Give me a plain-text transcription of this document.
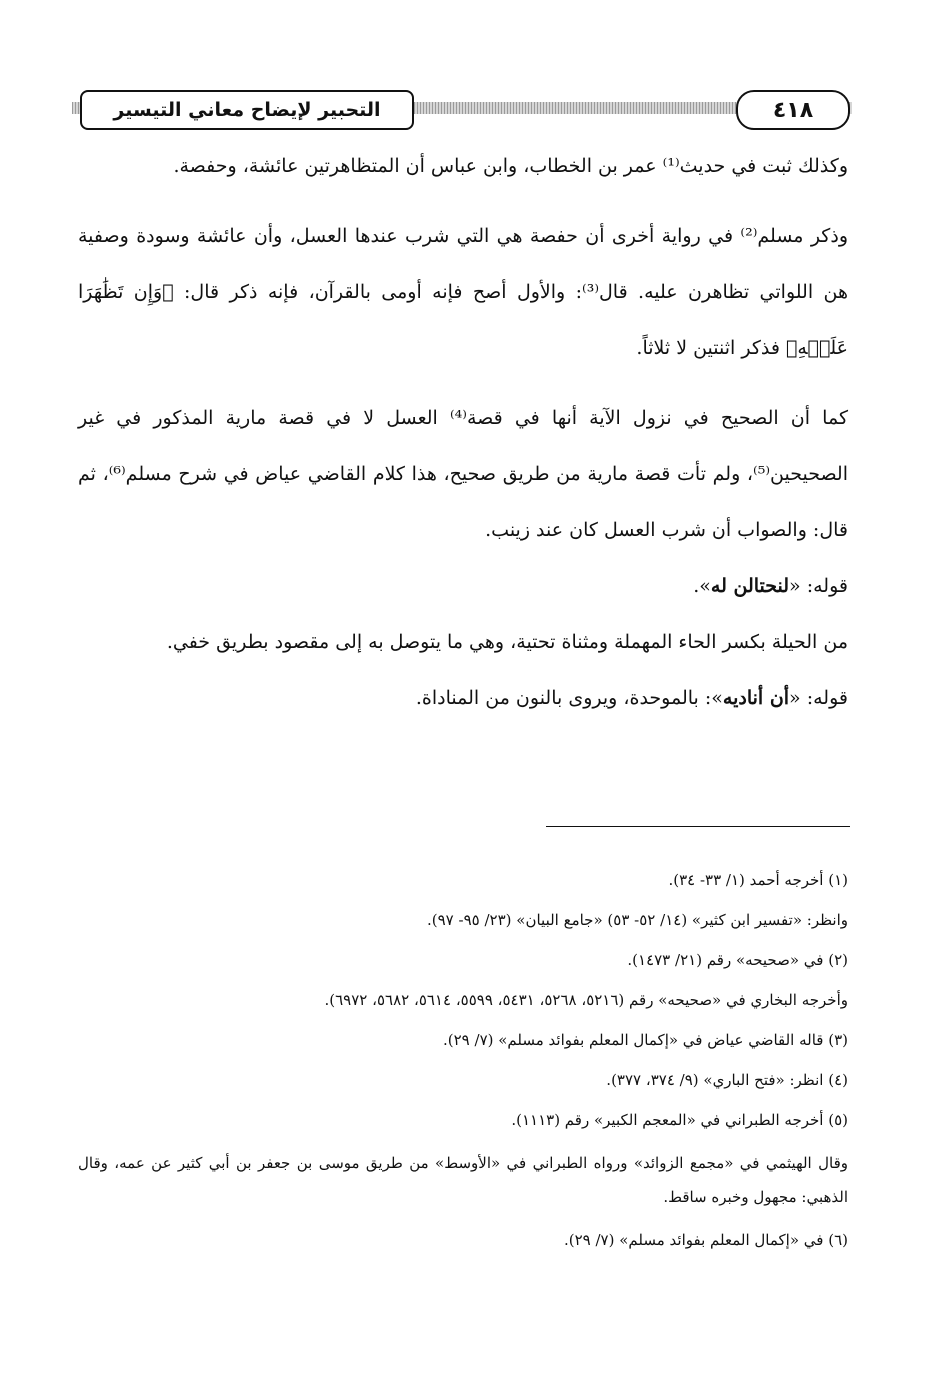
التحبير لإيضاح معاني التيسير	٤١٨

وكذلك ثبت في حديث⁽¹⁾ عمر بن الخطاب، وابن عباس أن المتظاهرتين عائشة، وحفصة.

وذكر مسلم⁽²⁾ في رواية أخرى أن حفصة هي التي شرب عندها العسل، وأن عائشة وسودة وصفية هن اللواتي تظاهرن عليه. قال⁽³⁾: والأول أصح فإنه أومى بالقرآن، فإنه ذكر قال: ﴿وَإِن تَظَٰهَرَا عَلَيۡهِ﴾ فذكر اثنتين لا ثلاثاً.

كما أن الصحيح في نزول الآية أنها في قصة⁽⁴⁾ العسل لا في قصة مارية المذكور في غير الصحيحين⁽⁵⁾، ولم تأت قصة مارية من طريق صحيح، هذا كلام القاضي عياض في شرح مسلم⁽⁶⁾، ثم قال: والصواب أن شرب العسل كان عند زينب.

قوله: «لنحتالن له».

من الحيلة بكسر الحاء المهملة ومثناة تحتية، وهي ما يتوصل به إلى مقصود بطريق خفي.

قوله: «أن أناديه»: بالموحدة، ويروى بالنون من المناداة.

(١) أخرجه أحمد (١/ ٣٣- ٣٤).

وانظر: «تفسير ابن كثير» (١٤/ ٥٢- ٥٣) «جامع البيان» (٢٣/ ٩٥- ٩٧).

(٢) في «صحيحه» رقم (٢١/ ١٤٧٣).

وأخرجه البخاري في «صحيحه» رقم (٥٢١٦، ٥٢٦٨، ٥٤٣١، ٥٥٩٩، ٥٦١٤، ٥٦٨٢، ٦٩٧٢).

(٣) قاله القاضي عياض في «إكمال المعلم بفوائد مسلم» (٧/ ٢٩).

(٤) انظر: «فتح الباري» (٩/ ٣٧٤، ٣٧٧).

(٥) أخرجه الطبراني في «المعجم الكبير» رقم (١١١٣).

وقال الهيثمي في «مجمع الزوائد» ورواه الطبراني في «الأوسط» من طريق موسى بن جعفر بن أبي كثير عن عمه، وقال الذهبي: مجهول وخبره ساقط.

(٦) في «إكمال المعلم بفوائد مسلم» (٧/ ٢٩).
